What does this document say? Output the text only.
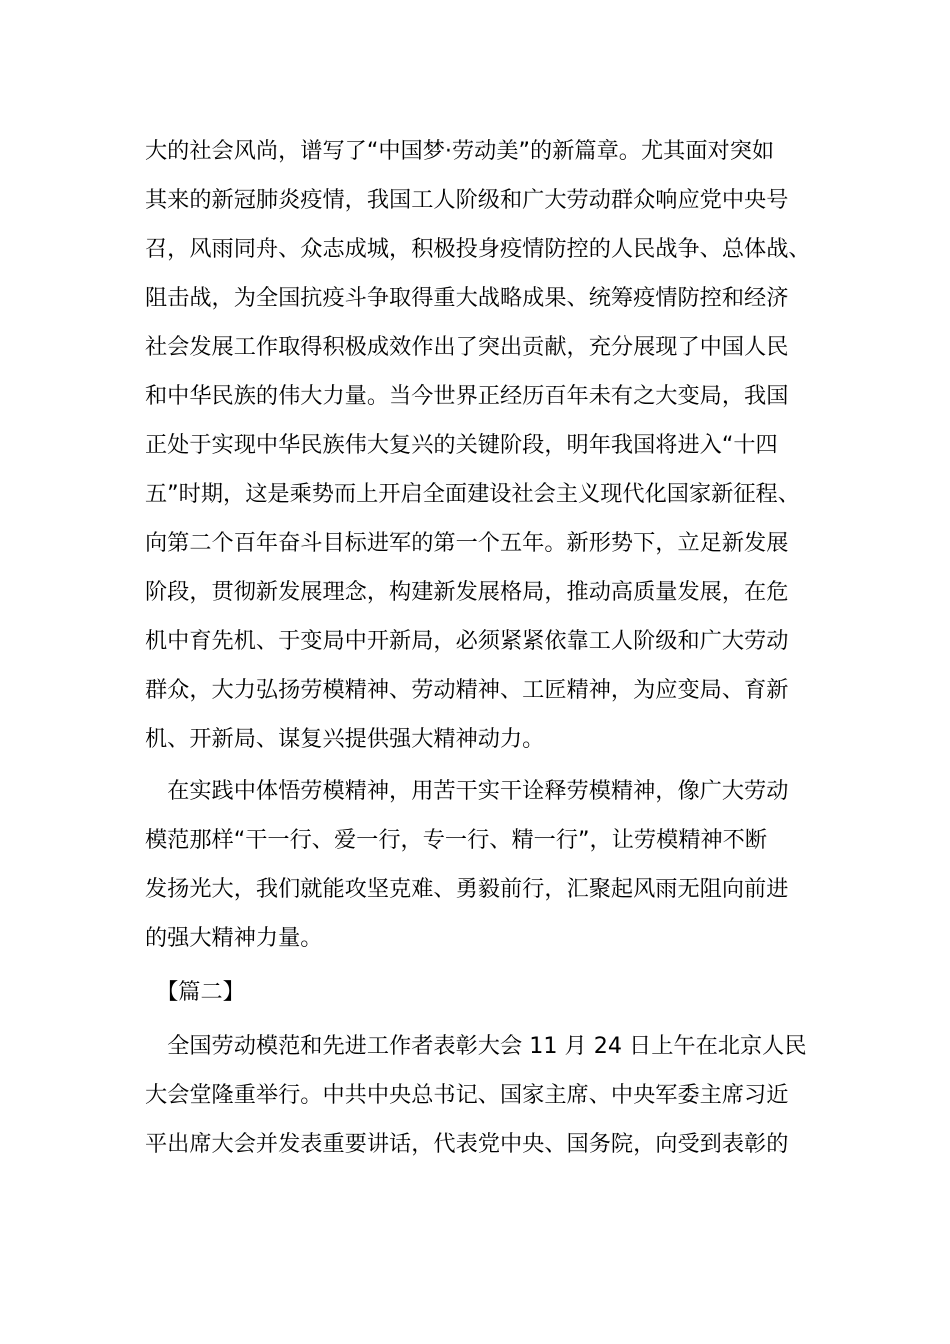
大的社会风尚，谱写了“中国梦·劳动美”的新篇章。尤其面对突如
其来的新冠肺炎疫情，我国工人阶级和广大劳动群众响应党中央号
召，风雨同舟、众志成城，积极投身疫情防控的人民战争、总体战、
阻击战，为全国抗疫斗争取得重大战略成果、统筹疫情防控和经济
社会发展工作取得积极成效作出了突出贡献，充分展现了中国人民
和中华民族的伟大力量。当今世界正经历百年未有之大变局，我国
正处于实现中华民族伟大复兴的关键阶段，明年我国将进入“十四
五”时期，这是乘势而上开启全面建设社会主义现代化国家新征程、
向第二个百年奋斗目标进军的第一个五年。新形势下，立足新发展
阶段，贯彻新发展理念，构建新发展格局，推动高质量发展，在危
机中育先机、于变局中开新局，必须紧紧依靠工人阶级和广大劳动
群众，大力弘扬劳模精神、劳动精神、工匠精神，为应变局、育新
机、开新局、谋复兴提供强大精神动力。
　在实践中体悟劳模精神，用苦干实干诠释劳模精神，像广大劳动
模范那样“干一行、爱一行，专一行、精一行”，让劳模精神不断
发扬光大，我们就能攻坚克难、勇毅前行，汇聚起风雨无阻向前进
的强大精神力量。
　【篇二】
　全国劳动模范和先进工作者表彰大会 11 月 24 日上午在北京人民
大会堂隆重举行。中共中央总书记、国家主席、中央军委主席习近
平出席大会并发表重要讲话，代表党中央、国务院，向受到表彰的
